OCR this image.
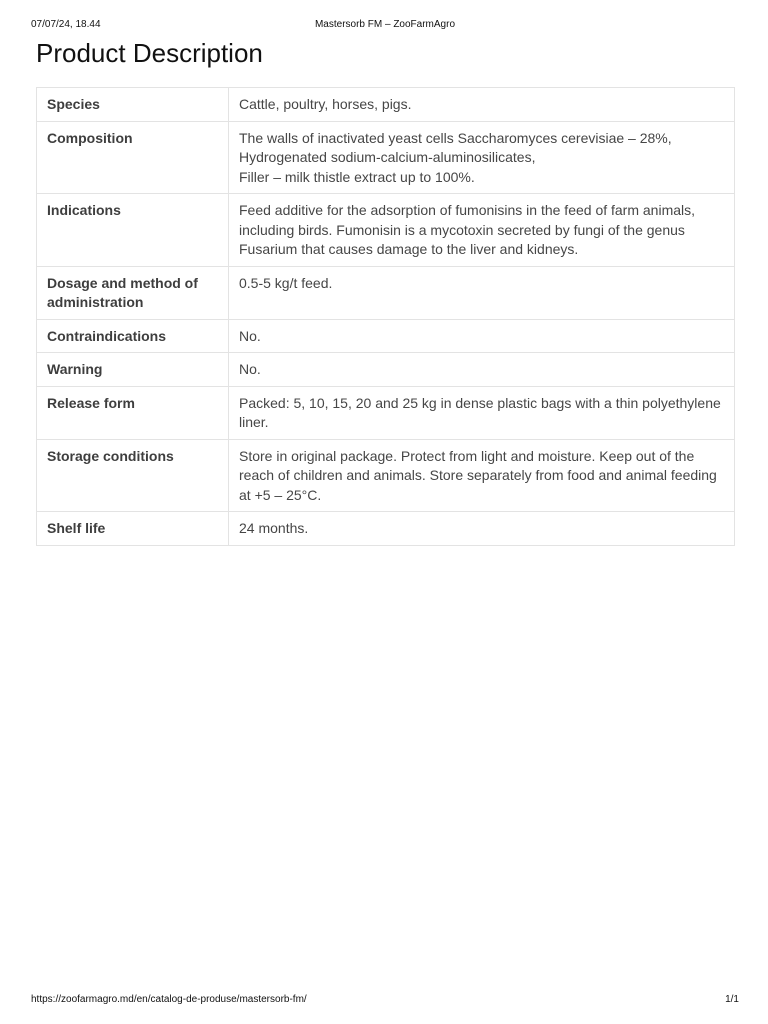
07/07/24, 18.44	Mastersorb FM – ZooFarmAgro
Product Description
Species	Cattle, poultry, horses, pigs.
Composition	The walls of inactivated yeast cells Saccharomyces cerevisiae – 28%,
Hydrogenated sodium-calcium-aluminosilicates,
Filler – milk thistle extract up to 100%.
Indications	Feed additive for the adsorption of fumonisins in the feed of farm animals, including birds. Fumonisin is a mycotoxin secreted by fungi of the genus Fusarium that causes damage to the liver and kidneys.
Dosage and method of administration	0.5-5 kg/t feed.
Contraindications	No.
Warning	No.
Release form	Packed: 5, 10, 15, 20 and 25 kg in dense plastic bags with a thin polyethylene liner.
Storage conditions	Store in original package. Protect from light and moisture. Keep out of the reach of children and animals. Store separately from food and animal feeding at +5 – 25°C.
Shelf life	24 months.
https://zoofarmagro.md/en/catalog-de-produse/mastersorb-fm/	1/1
